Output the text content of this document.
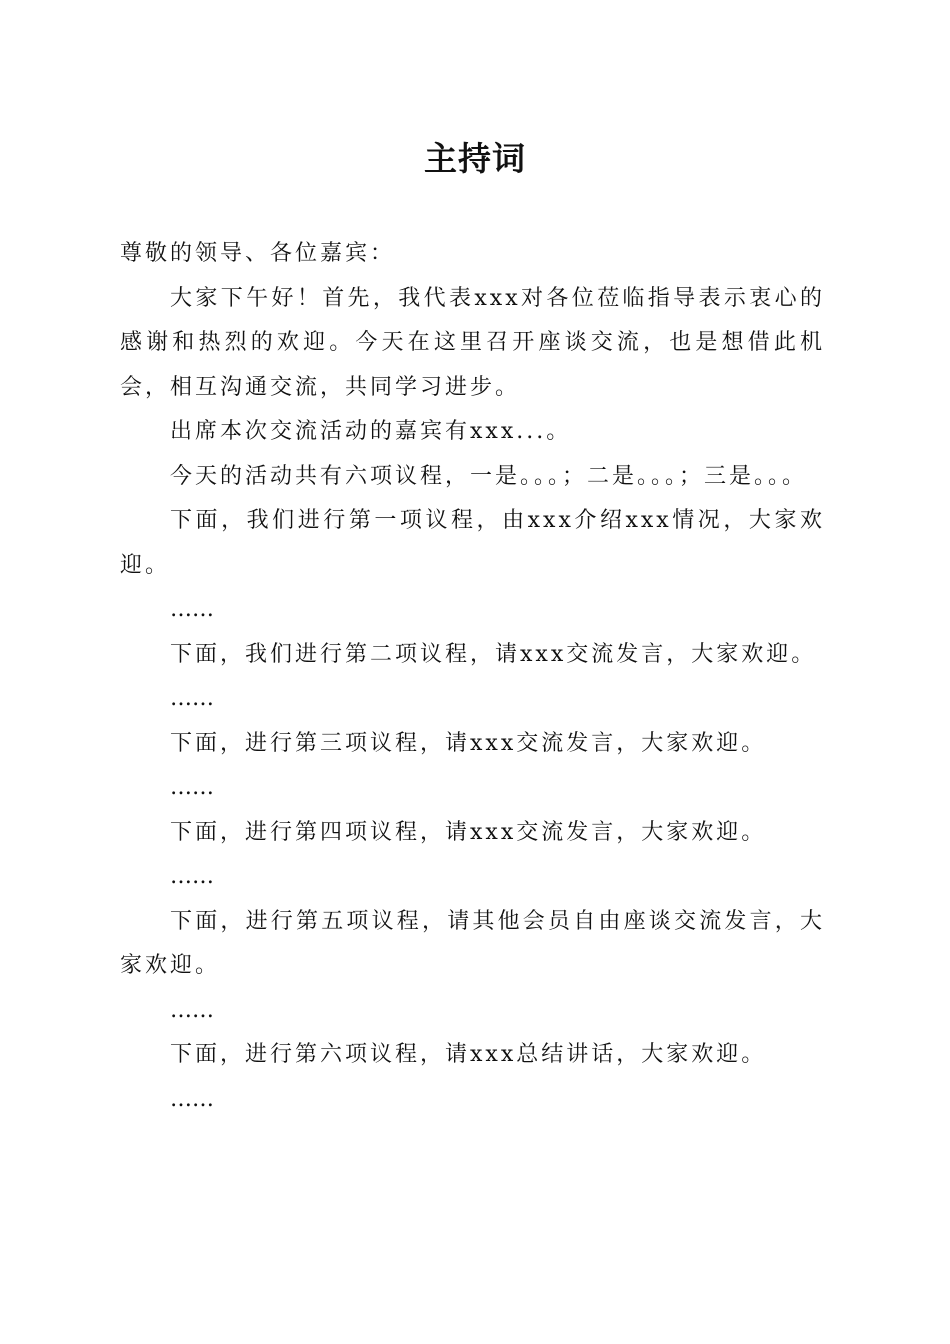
主持词

尊敬的领导、各位嘉宾：

大家下午好！首先，我代表xxx对各位莅临指导表示衷心的感谢和热烈的欢迎。今天在这里召开座谈交流，也是想借此机会，相互沟通交流，共同学习进步。

出席本次交流活动的嘉宾有xxx...。

今天的活动共有六项议程，一是。。。；二是。。。；三是。。。

下面，我们进行第一项议程，由xxx介绍xxx情况，大家欢迎。

……

下面，我们进行第二项议程，请xxx交流发言，大家欢迎。

……

下面，进行第三项议程，请xxx交流发言，大家欢迎。

……

下面，进行第四项议程，请xxx交流发言，大家欢迎。

……

下面，进行第五项议程，请其他会员自由座谈交流发言，大家欢迎。

……

下面，进行第六项议程，请xxx总结讲话，大家欢迎。

……
